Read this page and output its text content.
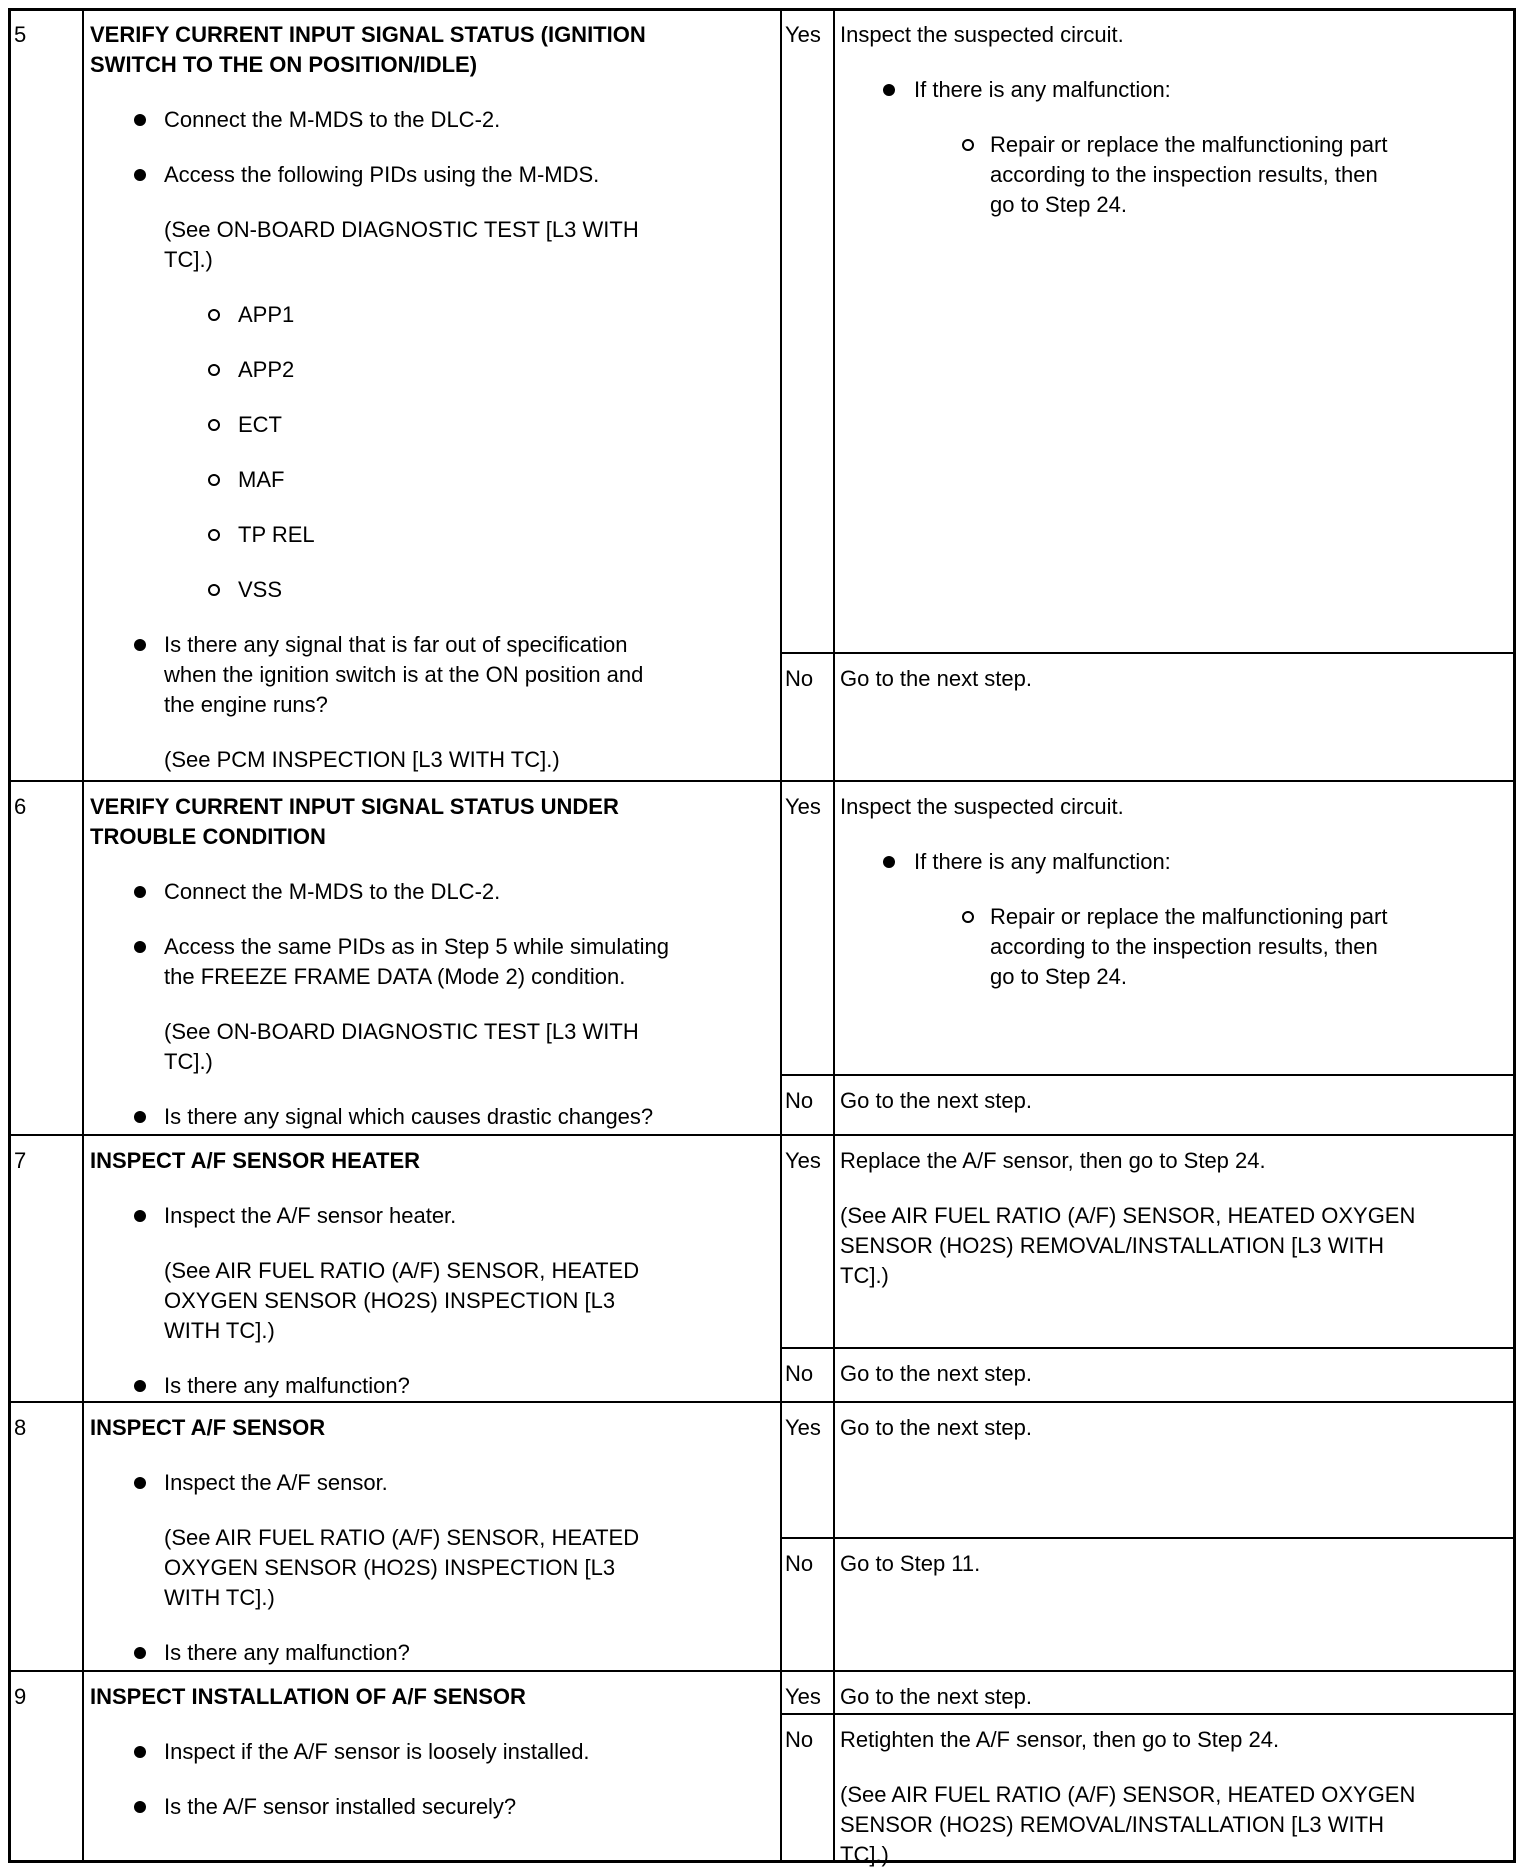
5	VERIFY CURRENT INPUT SIGNAL STATUS (IGNITION
SWITCH TO THE ON POSITION/IDLE)
Connect the M-MDS to the DLC-2.
Access the following PIDs using the M-MDS.
(See ON-BOARD DIAGNOSTIC TEST [L3 WITH
TC].)
APP1
APP2
ECT
MAF
TP REL
VSS
Is there any signal that is far out of specification
when the ignition switch is at the ON position and
the engine runs?
(See PCM INSPECTION [L3 WITH TC].)
Yes Inspect the suspected circuit.
If there is any malfunction:
Repair or replace the malfunctioning part
according to the inspection results, then
go to Step 24.
No Go to the next step.
6	VERIFY CURRENT INPUT SIGNAL STATUS UNDER
TROUBLE CONDITION
Connect the M-MDS to the DLC-2.
Access the same PIDs as in Step 5 while simulating
the FREEZE FRAME DATA (Mode 2) condition.
(See ON-BOARD DIAGNOSTIC TEST [L3 WITH
TC].)
Is there any signal which causes drastic changes?
Yes Inspect the suspected circuit.
If there is any malfunction:
Repair or replace the malfunctioning part
according to the inspection results, then
go to Step 24.
No Go to the next step.
7	INSPECT A/F SENSOR HEATER
Inspect the A/F sensor heater.
(See AIR FUEL RATIO (A/F) SENSOR, HEATED
OXYGEN SENSOR (HO2S) INSPECTION [L3
WITH TC].)
Is there any malfunction?
Yes Replace the A/F sensor, then go to Step 24.
(See AIR FUEL RATIO (A/F) SENSOR, HEATED OXYGEN
SENSOR (HO2S) REMOVAL/INSTALLATION [L3 WITH
TC].)
No Go to the next step.
8	INSPECT A/F SENSOR
Inspect the A/F sensor.
(See AIR FUEL RATIO (A/F) SENSOR, HEATED
OXYGEN SENSOR (HO2S) INSPECTION [L3
WITH TC].)
Is there any malfunction?
Yes Go to the next step.
No Go to Step 11.
9	INSPECT INSTALLATION OF A/F SENSOR
Inspect if the A/F sensor is loosely installed.
Is the A/F sensor installed securely?
Yes Go to the next step.
No Retighten the A/F sensor, then go to Step 24.
(See AIR FUEL RATIO (A/F) SENSOR, HEATED OXYGEN
SENSOR (HO2S) REMOVAL/INSTALLATION [L3 WITH
TC].)
